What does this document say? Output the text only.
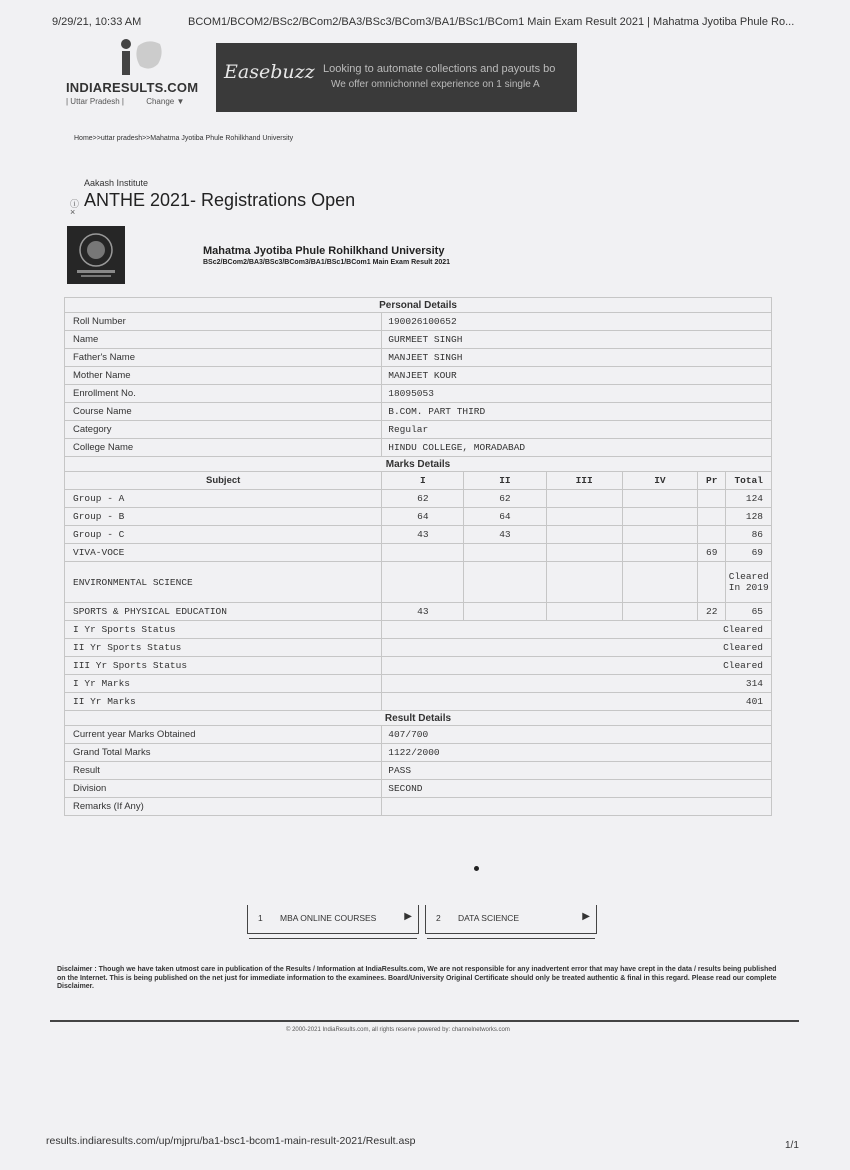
9/29/21, 10:33 AM	BCOM1/BCOM2/BSc2/BCom2/BA3/BSc3/BCom3/BA1/BSc1/BCom1 Main Exam Result 2021 | Mahatma Jyotiba Phule Ro...
INDIARESULTS.COM
| Uttar Pradesh |	Change ▼
Easebuzz Looking to automate collections and payouts bo
We offer omnichonnel experience on 1 single A
Home>>uttar pradesh>>Mahatma Jyotiba Phule Rohilkhand University
Aakash Institute
ⓘ
×
ANTHE 2021- Registrations Open
Mahatma Jyotiba Phule Rohilkhand University
BSc2/BCom2/BA3/BSc3/BCom3/BA1/BSc1/BCom1 Main Exam Result 2021
Personal Details						
Roll Number	190026100652					
Name	GURMEET SINGH					
Father's Name	MANJEET SINGH					
Mother Name	MANJEET KOUR					
Enrollment No.	18095053					
Course Name	B.COM. PART THIRD					
Category	Regular					
College Name	HINDU COLLEGE, MORADABAD					
Marks Details						
Subject	I	II	III	IV	Pr	Total
Group - A	62	62				124
Group - B	64	64				128
Group - C	43	43				86
VIVA-VOCE					69	69
ENVIRONMENTAL SCIENCE						Cleared In 2019
SPORTS & PHYSICAL EDUCATION	43				22	65
I Yr Sports Status	Cleared					
II Yr Sports Status	Cleared					
III Yr Sports Status	Cleared					
I Yr Marks	314					
II Yr Marks	401					
Result Details						
Current year Marks Obtained	407/700					
Grand Total Marks	1122/2000					
Result	PASS					
Division	SECOND					
Remarks (If Any)						
1 MBA ONLINE COURSES	▶	2 DATA SCIENCE	▶
Disclaimer : Though we have taken utmost care in publication of the Results / Information at IndiaResults.com, We are not responsible for any inadvertent error that may have crept in the data / results being published on the Internet. This is being published on the net just for immediate information to the examinees. Board/University Original Certificate should only be treated authentic & final in this regard. Please read our complete Disclaimer.
© 2000-2021 IndiaResults.com, all rights reserve powered by: channelnetworks.com
results.indiaresults.com/up/mjpru/ba1-bsc1-bcom1-main-result-2021/Result.asp	1/1
